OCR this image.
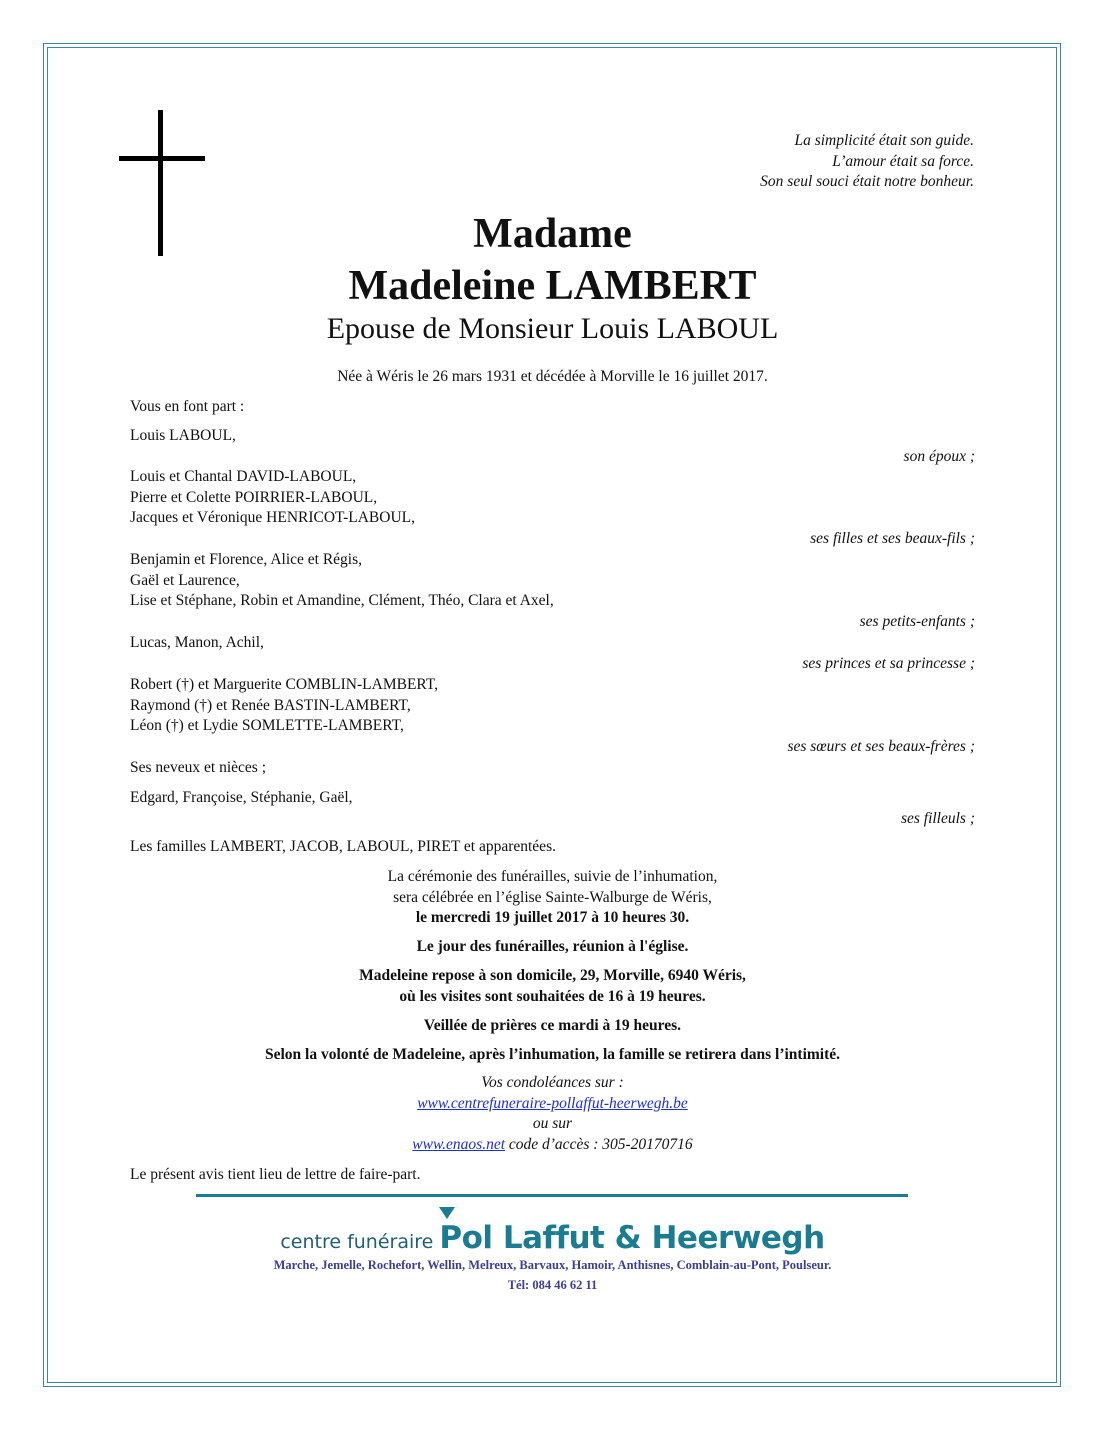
La simplicité était son guide.
L’amour était sa force.
Son seul souci était notre bonheur.
Madame
Madeleine LAMBERT
Epouse de Monsieur Louis LABOUL
Née à Wéris le 26 mars 1931 et décédée à Morville le 16 juillet 2017.
Vous en font part :
Louis LABOUL,
son époux ;
Louis et Chantal DAVID-LABOUL,
Pierre et Colette POIRRIER-LABOUL,
Jacques et Véronique HENRICOT-LABOUL,
ses filles et ses beaux-fils ;
Benjamin et Florence, Alice et Régis,
Gaël et Laurence,
Lise et Stéphane, Robin et Amandine, Clément, Théo, Clara et Axel,
ses petits-enfants ;
Lucas, Manon, Achil,
ses princes et sa princesse ;
Robert (†) et Marguerite COMBLIN-LAMBERT,
Raymond (†) et Renée BASTIN-LAMBERT,
Léon (†) et Lydie SOMLETTE-LAMBERT,
ses sœurs et ses beaux-frères ;
Ses neveux et nièces ;
Edgard, Françoise, Stéphanie, Gaël,
ses filleuls ;
Les familles LAMBERT, JACOB, LABOUL, PIRET et apparentées.
La cérémonie des funérailles, suivie de l’inhumation,
sera célébrée en l’église Sainte-Walburge de Wéris,
le mercredi 19 juillet 2017 à 10 heures 30.
Le jour des funérailles, réunion à l'église.
Madeleine repose à son domicile, 29, Morville, 6940 Wéris,
où les visites sont souhaitées de 16 à 19 heures.
Veillée de prières ce mardi à 19 heures.
Selon la volonté de Madeleine, après l’inhumation, la famille se retirera dans l’intimité.
Vos condoléances sur :
www.centrefuneraire-pollaffut-heerwegh.be
ou sur
www.enaos.net code d’accès : 305-20170716
Le présent avis tient lieu de lettre de faire-part.
centre funéraire Pol Laffut & Heerwegh
Marche, Jemelle, Rochefort, Wellin, Melreux, Barvaux, Hamoir, Anthisnes, Comblain-au-Pont, Poulseur.
Tél: 084 46 62 11
